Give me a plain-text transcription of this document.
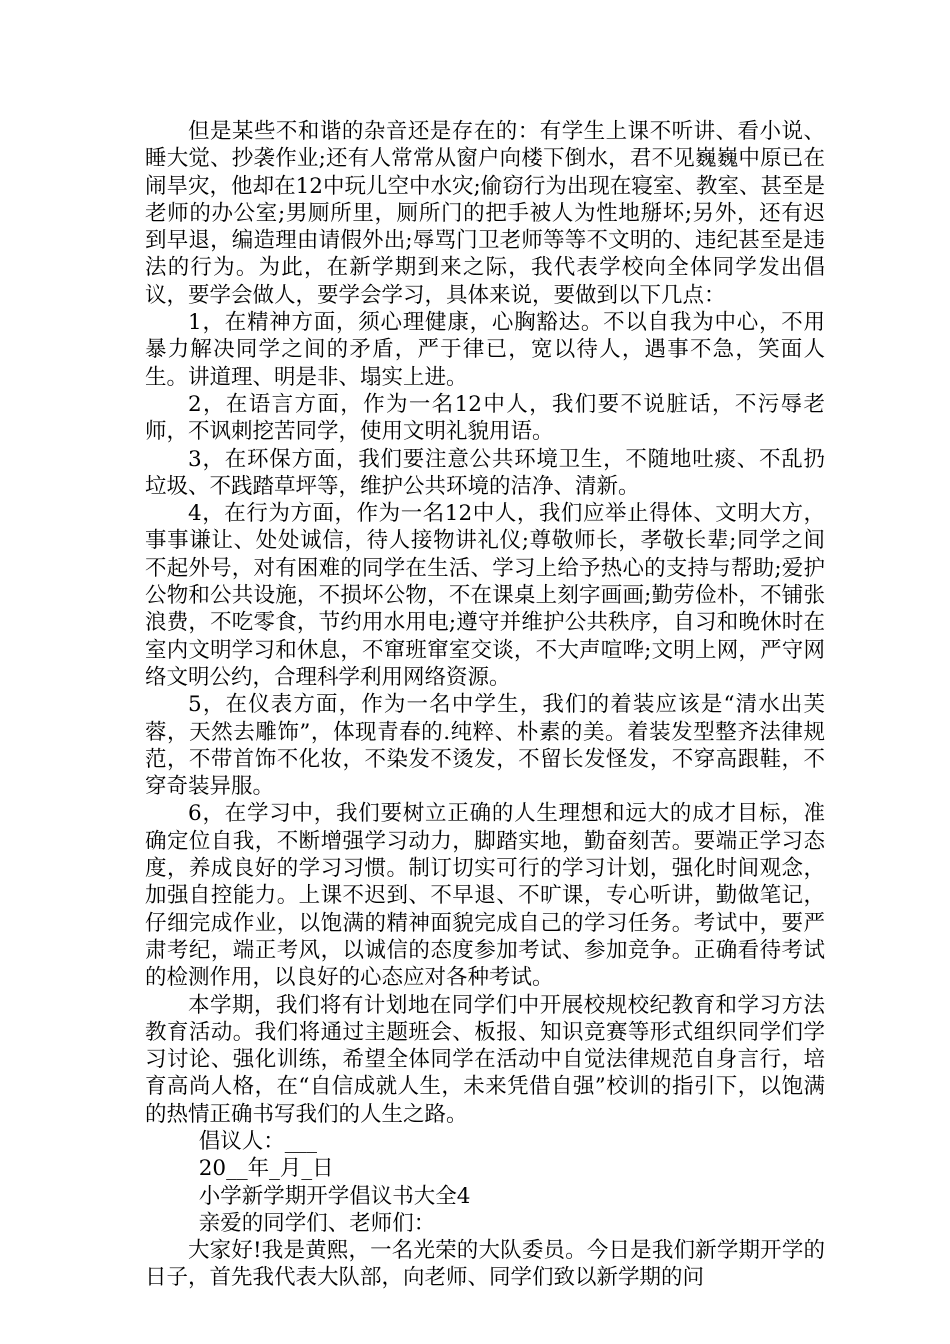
但是某些不和谐的杂音还是存在的：有学生上课不听讲、看小说、睡大觉、抄袭作业;还有人常常从窗户向楼下倒水，君不见巍巍中原已在闹旱灾，他却在12中玩儿空中水灾;偷窃行为出现在寝室、教室、甚至是老师的办公室;男厕所里，厕所门的把手被人为性地掰坏;另外，还有迟到早退，编造理由请假外出;辱骂门卫老师等等不文明的、违纪甚至是违法的行为。为此，在新学期到来之际，我代表学校向全体同学发出倡议，要学会做人，要学会学习，具体来说，要做到以下几点：

1，在精神方面，须心理健康，心胸豁达。不以自我为中心，不用暴力解决同学之间的矛盾，严于律已，宽以待人，遇事不急，笑面人生。讲道理、明是非、塌实上进。

2，在语言方面，作为一名12中人，我们要不说脏话，不污辱老师，不讽刺挖苦同学，使用文明礼貌用语。

3，在环保方面，我们要注意公共环境卫生，不随地吐痰、不乱扔垃圾、不践踏草坪等，维护公共环境的洁净、清新。

4，在行为方面，作为一名12中人，我们应举止得体、文明大方，事事谦让、处处诚信，待人接物讲礼仪;尊敬师长，孝敬长辈;同学之间不起外号，对有困难的同学在生活、学习上给予热心的支持与帮助;爱护公物和公共设施，不损坏公物，不在课桌上刻字画画;勤劳俭朴，不铺张浪费，不吃零食，节约用水用电;遵守并维护公共秩序，自习和晚休时在室内文明学习和休息，不窜班窜室交谈，不大声喧哗;文明上网，严守网络文明公约，合理科学利用网络资源。

5，在仪表方面，作为一名中学生，我们的着装应该是“清水出芙蓉，天然去雕饰”，体现青春的.纯粹、朴素的美。着装发型整齐法律规范，不带首饰不化妆，不染发不烫发，不留长发怪发，不穿高跟鞋，不穿奇装异服。

6，在学习中，我们要树立正确的人生理想和远大的成才目标，准确定位自我，不断增强学习动力，脚踏实地，勤奋刻苦。要端正学习态度，养成良好的学习习惯。制订切实可行的学习计划，强化时间观念，加强自控能力。上课不迟到、不早退、不旷课，专心听讲，勤做笔记，仔细完成作业，以饱满的精神面貌完成自己的学习任务。考试中，要严肃考纪，端正考风，以诚信的态度参加考试、参加竞争。正确看待考试的检测作用，以良好的心态应对各种考试。

本学期，我们将有计划地在同学们中开展校规校纪教育和学习方法教育活动。我们将通过主题班会、板报、知识竞赛等形式组织同学们学习讨论、强化训练，希望全体同学在活动中自觉法律规范自身言行，培育高尚人格，在“自信成就人生，未来凭借自强”校训的指引下，以饱满的热情正确书写我们的人生之路。

倡议人：___

20__年_月_日

小学新学期开学倡议书大全4

亲爱的同学们、老师们：

大家好!我是黄熙，一名光荣的大队委员。今日是我们新学期开学的日子，首先我代表大队部，向老师、同学们致以新学期的问
